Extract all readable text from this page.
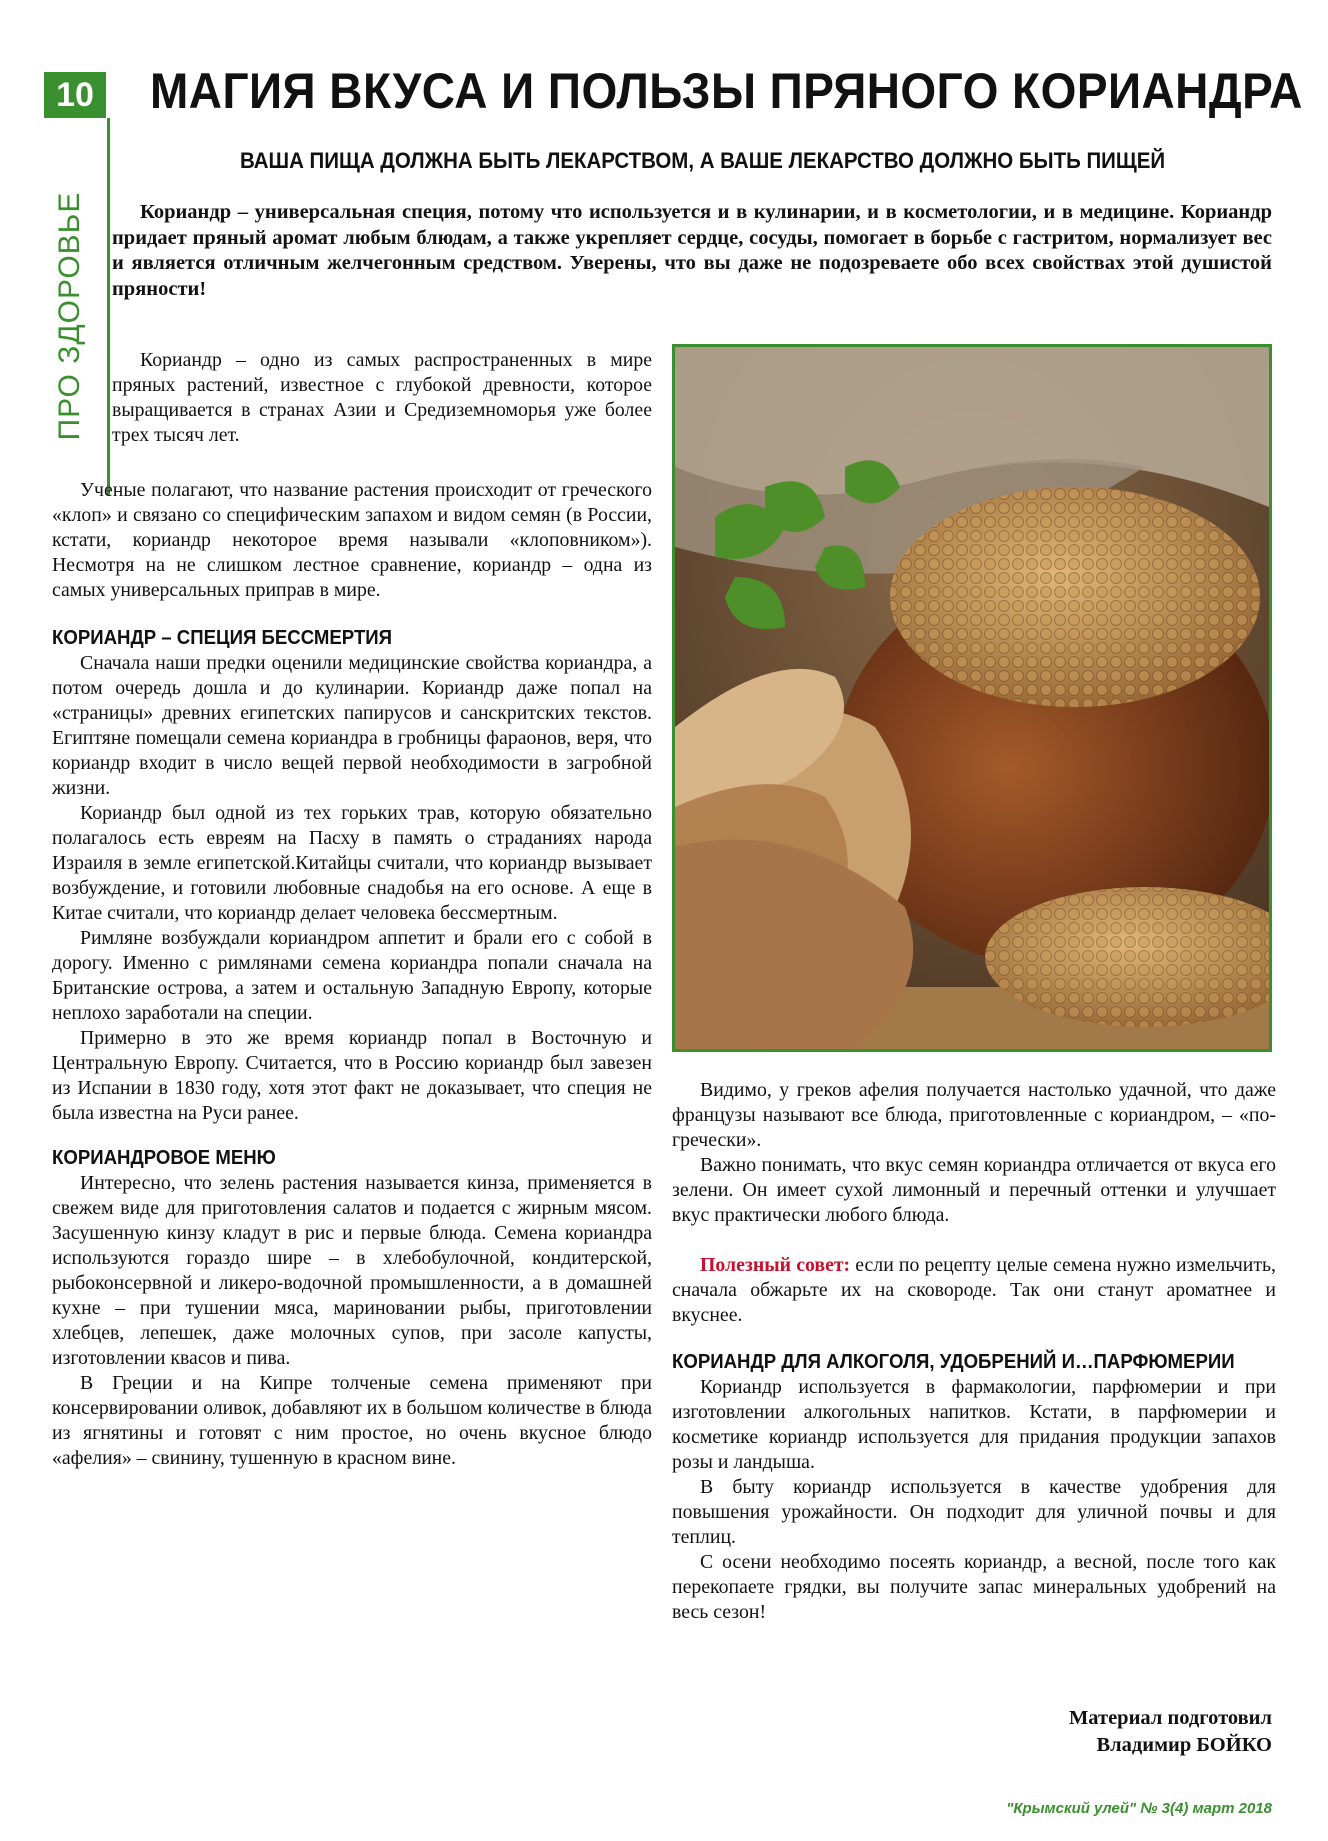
10
ПРО ЗДОРОВЬЕ
МАГИЯ ВКУСА И ПОЛЬЗЫ ПРЯНОГО КОРИАНДРА
ВАША ПИЩА ДОЛЖНА БЫТЬ ЛЕКАРСТВОМ, А ВАШЕ ЛЕКАРСТВО ДОЛЖНО БЫТЬ ПИЩЕЙ
Кориандр – универсальная специя, потому что используется и в кулинарии, и в косметологии, и в медицине. Кориандр придает пряный аромат любым блюдам, а также укрепляет сердце, сосуды, помогает в борьбе с гастритом, нормализует вес и является отличным желчегонным средством. Уверены, что вы даже не подозреваете обо всех свойствах этой душистой пряности!

Кориандр – одно из самых распространенных в мире пряных растений, известное с глубокой древности, которое выращивается в странах Азии и Средиземноморья уже более трех тысяч лет.

Ученые полагают, что название растения происходит от греческого «клоп» и связано со специфическим запахом и видом семян (в России, кстати, кориандр некоторое время называли «клоповником»). Несмотря на не слишком лестное сравнение, кориандр – одна из самых универсальных приправ в мире.

КОРИАНДР – СПЕЦИЯ БЕССМЕРТИЯ

Сначала наши предки оценили медицинские свойства кориандра, а потом очередь дошла и до кулинарии. Кориандр даже попал на «страницы» древних египетских папирусов и санскритских текстов. Египтяне помещали семена кориандра в гробницы фараонов, веря, что кориандр входит в число вещей первой необходимости в загробной жизни.

Кориандр был одной из тех горьких трав, которую обязательно полагалось есть евреям на Пасху в память о страданиях народа Израиля в земле египетской.Китайцы считали, что кориандр вызывает возбуждение, и готовили любовные снадобья на его основе. А еще в Китае считали, что кориандр делает человека бессмертным.

Римляне возбуждали кориандром аппетит и брали его с собой в дорогу. Именно с римлянами семена кориандра попали сначала на Британские острова, а затем и остальную Западную Европу, которые неплохо заработали на специи.

Примерно в это же время кориандр попал в Восточную и Центральную Европу. Считается, что в Россию кориандр был завезен из Испании в 1830 году, хотя этот факт не доказывает, что специя не была известна на Руси ранее.

КОРИАНДРОВОЕ МЕНЮ

Интересно, что зелень растения называется кинза, применяется в свежем виде для приготовления салатов и подается с жирным мясом. Засушенную кинзу кладут в рис и первые блюда. Семена кориандра используются гораздо шире – в хлебобулочной, кондитерской, рыбоконсервной и ликеро-водочной промышленности, а в домашней кухне – при тушении мяса, мариновании рыбы, приготовлении хлебцев, лепешек, даже молочных супов, при засоле капусты, изготовлении квасов и пива.

В Греции и на Кипре толченые семена применяют при консервировании оливок, добавляют их в большом количестве в блюда из ягнятины и готовят с ним простое, но очень вкусное блюдо «афелия» – свинину, тушенную в красном вине.

Видимо, у греков афелия получается настолько удачной, что даже французы называют все блюда, приготовленные с кориандром, – «по-гречески».

Важно понимать, что вкус семян кориандра отличается от вкуса его зелени. Он имеет сухой лимонный и перечный оттенки и улучшает вкус практически любого блюда.

Полезный совет: если по рецепту целые семена нужно измельчить, сначала обжарьте их на сковороде. Так они станут ароматнее и вкуснее.

КОРИАНДР ДЛЯ АЛКОГОЛЯ, УДОБРЕНИЙ И…ПАРФЮМЕРИИ

Кориандр используется в фармакологии, парфюмерии и при изготовлении алкогольных напитков. Кстати, в парфюмерии и косметике кориандр используется для придания продукции запахов розы и ландыша.

В быту кориандр используется в качестве удобрения для повышения урожайности. Он подходит для уличной почвы и для теплиц.

С осени необходимо посеять кориандр, а весной, после того как перекопаете грядки, вы получите запас минеральных удобрений на весь сезон!

Материал подготовил
Владимир БОЙКО
"Крымский улей" № 3(4) март 2018
